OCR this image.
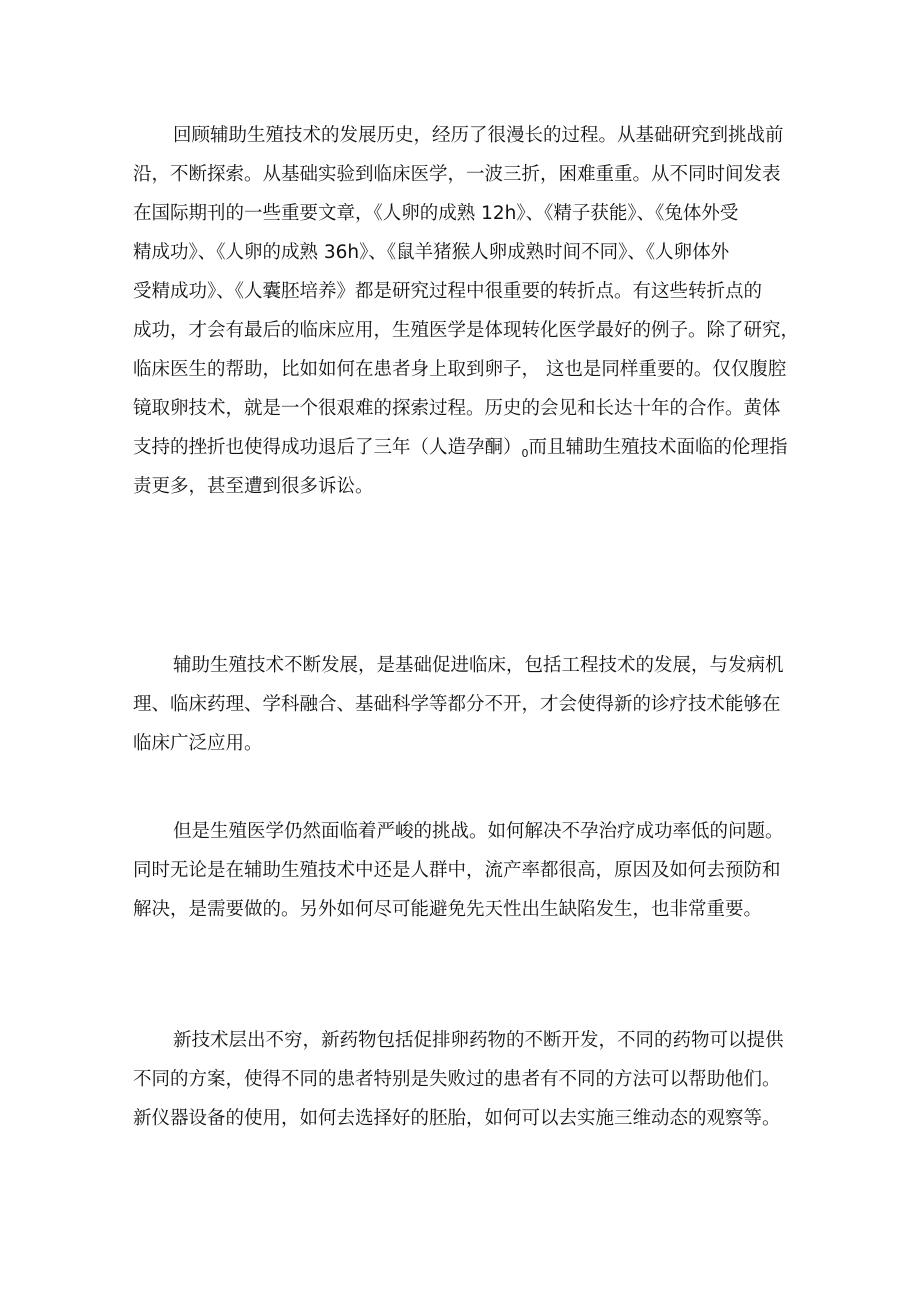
回顾辅助生殖技术的发展历史，经历了很漫长的过程。从基础研究到挑战前
沿，不断探索。从基础实验到临床医学，一波三折，困难重重。从不同时间发表
在国际期刊的一些重要文章，《人卵的成熟 12h》、《精子获能》、《兔体外受
精成功》、《人卵的成熟 36h》、《鼠羊猪猴人卵成熟时间不同》、《人卵体外
受精成功》、《人囊胚培养》都是研究过程中很重要的转折点。有这些转折点的
成功，才会有最后的临床应用，生殖医学是体现转化医学最好的例子。除了研究，
临床医生的帮助，比如如何在患者身上取到卵子， 这也是同样重要的。仅仅腹腔
镜取卵技术，就是一个很艰难的探索过程。历史的会见和长达十年的合作。黄体
支持的挫折也使得成功退后了三年（人造孕酮）$_0$而且辅助生殖技术面临的伦理指
责更多，甚至遭到很多诉讼。
辅助生殖技术不断发展，是基础促进临床，包括工程技术的发展，与发病机
理、临床药理、学科融合、基础科学等都分不开，才会使得新的诊疗技术能够在
临床广泛应用。
但是生殖医学仍然面临着严峻的挑战。如何解决不孕治疗成功率低的问题。
同时无论是在辅助生殖技术中还是人群中，流产率都很高，原因及如何去预防和
解决，是需要做的。另外如何尽可能避免先天性出生缺陷发生，也非常重要。
新技术层出不穷，新药物包括促排卵药物的不断开发，不同的药物可以提供
不同的方案，使得不同的患者特别是失败过的患者有不同的方法可以帮助他们。
新仪器设备的使用，如何去选择好的胚胎，如何可以去实施三维动态的观察等。
